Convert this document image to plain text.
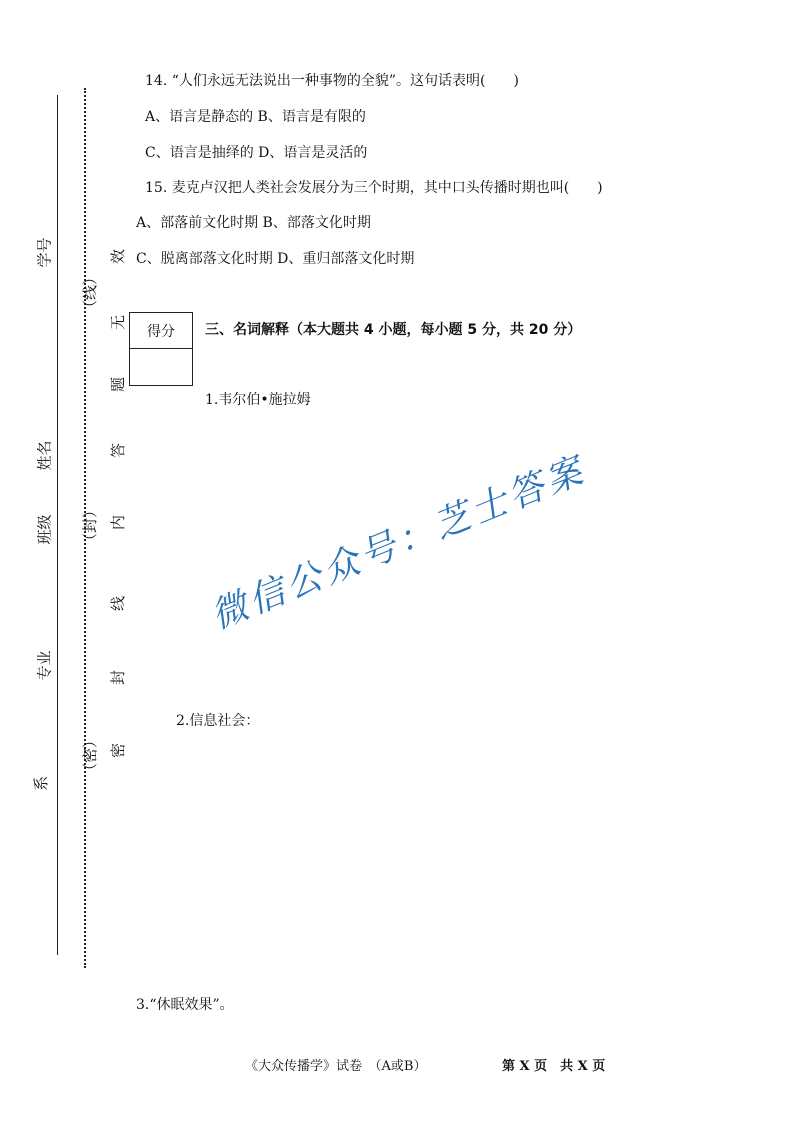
学号
姓名
班级
专业
系
（线）
（封）
（密）
效
无
题
答
内
线
封
密
14. “人们永远无法说出一种事物的全貌”。这句话表明(　　)
A、语言是静态的 B、语言是有限的
C、语言是抽绎的 D、语言是灵活的
15. 麦克卢汉把人类社会发展分为三个时期，其中口头传播时期也叫(　　)
A、部落前文化时期 B、部落文化时期
C、脱离部落文化时期 D、重归部落文化时期
得分	三、名词解释（本大题共 4 小题，每小题 5 分，共 20 分）
1.韦尔伯•施拉姆
2.信息社会：
3.“休眠效果”。
微信公众号：芝士答案
《大众传播学》试卷　（A或B）	第 X 页　共 X 页
